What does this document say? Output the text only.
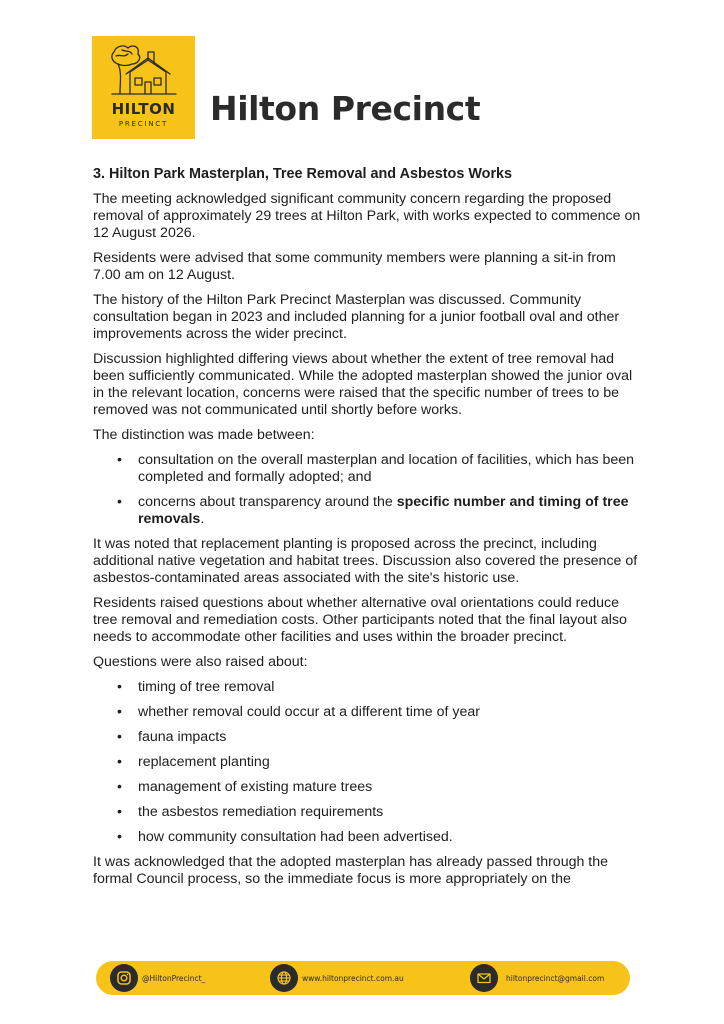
HILTON
PRECINCT	Hilton Precinct
3. Hilton Park Masterplan, Tree Removal and Asbestos Works

The meeting acknowledged significant community concern regarding the proposed removal of approximately 29 trees at Hilton Park, with works expected to commence on 12 August 2026.

Residents were advised that some community members were planning a sit-in from 7.00 am on 12 August.

The history of the Hilton Park Precinct Masterplan was discussed. Community consultation began in 2023 and included planning for a junior football oval and other improvements across the wider precinct.

Discussion highlighted differing views about whether the extent of tree removal had been sufficiently communicated. While the adopted masterplan showed the junior oval in the relevant location, concerns were raised that the specific number of trees to be removed was not communicated until shortly before works.

The distinction was made between:

• consultation on the overall masterplan and location of facilities, which has been completed and formally adopted; and
• concerns about transparency around the specific number and timing of tree removals.

It was noted that replacement planting is proposed across the precinct, including additional native vegetation and habitat trees. Discussion also covered the presence of asbestos-contaminated areas associated with the site's historic use.

Residents raised questions about whether alternative oval orientations could reduce tree removal and remediation costs. Other participants noted that the final layout also needs to accommodate other facilities and uses within the broader precinct.

Questions were also raised about:

• timing of tree removal
• whether removal could occur at a different time of year
• fauna impacts
• replacement planting
• management of existing mature trees
• the asbestos remediation requirements
• how community consultation had been advertised.

It was acknowledged that the adopted masterplan has already passed through the formal Council process, so the immediate focus is more appropriately on the

@HiltonPrecinct_	www.hiltonprecinct.com.au	hiltonprecinct@gmail.com
